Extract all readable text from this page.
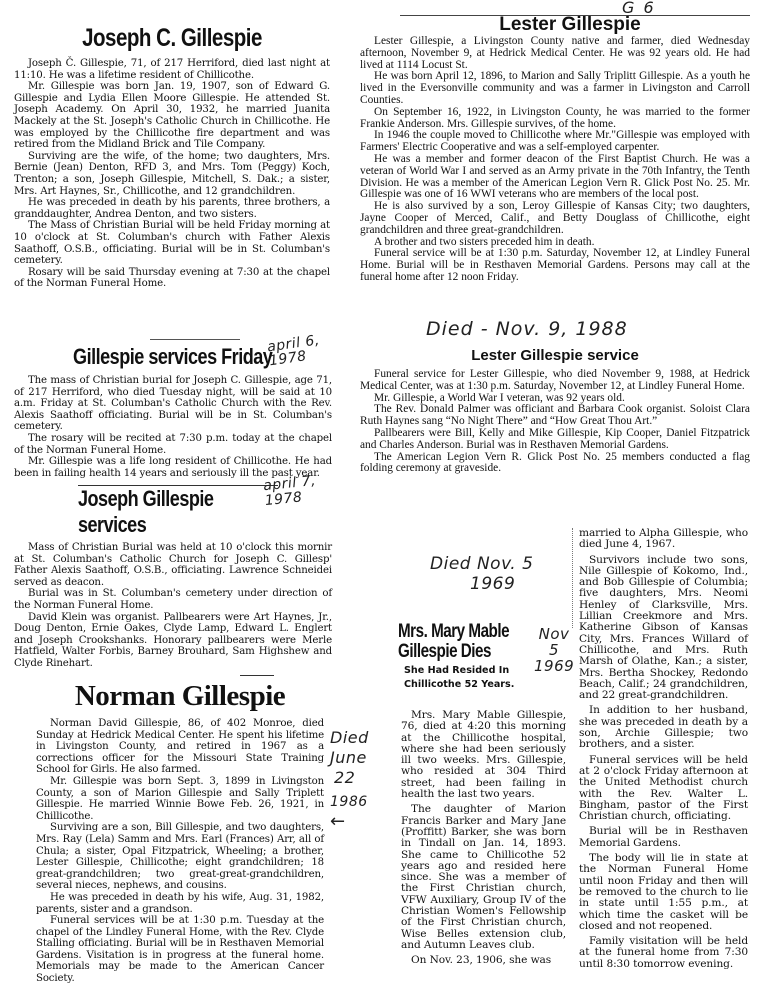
Joseph C. Gillespie

Joseph Č. Gillespie, 71, of 217 Herriford, died last night at 11:10. He was a lifetime resident of Chillicothe.

Mr. Gillespie was born Jan. 19, 1907, son of Edward G. Gillespie and Lydia Ellen Moore Gillespie. He attended St. Joseph Academy. On April 30, 1932, he married Juanita Mackely at the St. Joseph's Catholic Church in Chillicothe. He was employed by the Chillicothe fire department and was retired from the Midland Brick and Tile Company.

Surviving are the wife, of the home; two daughters, Mrs. Bernie (Jean) Denton, RFD 3, and Mrs. Tom (Peggy) Koch, Trenton; a son, Joseph Gillespie, Mitchell, S. Dak.; a sister, Mrs. Art Haynes, Sr., Chillicothe, and 12 grandchildren.

He was preceded in death by his parents, three brothers, a granddaughter, Andrea Denton, and two sisters.

The Mass of Christian Burial will be held Friday morning at 10 o'clock at St. Columban's church with Father Alexis Saathoff, O.S.B., officiating. Burial will be in St. Columban's cemetery.

Rosary will be said Thursday evening at 7:30 at the chapel of the Norman Funeral Home.

Gillespie services Friday

The mass of Christian burial for Joseph C. Gillespie, age 71, of 217 Herriford, who died Tuesday night, will be said at 10 a.m. Friday at St. Columban's Catholic Church with the Rev. Alexis Saathoff officiating. Burial will be in St. Columban's cemetery.

The rosary will be recited at 7:30 p.m. today at the chapel of the Norman Funeral Home.

Mr. Gillespie was a life long resident of Chillicothe. He had been in failing health 14 years and seriously ill the past year.

april 6, 1978
Joseph Gillespie services

Mass of Christian Burial was held at 10 o'clock this mornir at St. Columban's Catholic Church for Joseph C. Gillesp' Father Alexis Saathoff, O.S.B., officiating. Lawrence Schneidei served as deacon.

Burial was in St. Columban's cemetery under direction of the Norman Funeral Home.

David Klein was organist. Pallbearers were Art Haynes, Jr., Doug Denton, Ernie Oakes, Clyde Lamp, Edward L. Englert and Joseph Crookshanks. Honorary pallbearers were Merle Hatfield, Walter Forbis, Barney Brouhard, Sam Highshew and Clyde Rinehart.

april 7, 1978
Norman Gillespie

Norman David Gillespie, 86, of 402 Monroe, died Sunday at Hedrick Medical Center. He spent his lifetime in Livingston County, and retired in 1967 as a corrections officer for the Missouri State Training School for Girls. He also farmed.

Mr. Gillespie was born Sept. 3, 1899 in Livingston County, a son of Marion Gillespie and Sally Triplett Gillespie. He married Winnie Bowe Feb. 26, 1921, in Chillicothe.

Surviving are a son, Bill Gillespie, and two daughters, Mrs. Ray (Lela) Samm and Mrs. Earl (Frances) Arr, all of Chula; a sister, Opal Fitzpatrick, Wheeling; a brother, Lester Gillespie, Chillicothe; eight grandchildren; 18 great-grandchildren; two great-great-grandchildren, several nieces, nephews, and cousins.

He was preceded in death by his wife, Aug. 31, 1982, parents, sister and a grandson.

Funeral services will be at 1:30 p.m. Tuesday at the chapel of the Lindley Funeral Home, with the Rev. Clyde Stalling officiating. Burial will be in Resthaven Memorial Gardens. Visitation is in progress at the funeral home. Memorials may be made to the American Cancer Society.

Died
June
22
1986
←
G 6
Lester Gillespie

Lester Gillespie, a Livingston County native and farmer, died Wednesday afternoon, November 9, at Hedrick Medical Center. He was 92 years old. He had lived at 1114 Locust St.

He was born April 12, 1896, to Marion and Sally Triplitt Gillespie. As a youth he lived in the Eversonville community and was a farmer in Livingston and Carroll Counties.

On September 16, 1922, in Livingston County, he was married to the former Frankie Anderson. Mrs. Gillespie survives, of the home.

In 1946 the couple moved to Chillicothe where Mr."Gillespie was employed with Farmers' Electric Cooperative and was a self-employed carpenter.

He was a member and former deacon of the First Baptist Church. He was a veteran of World War I and served as an Army private in the 70th Infantry, the Tenth Division. He was a member of the American Legion Vern R. Glick Post No. 25. Mr. Gillespie was one of 16 WWI veterans who are members of the local post.

He is also survived by a son, Leroy Gillespie of Kansas City; two daughters, Jayne Cooper of Merced, Calif., and Betty Douglass of Chillicothe, eight grandchildren and three great-grandchildren.

A brother and two sisters preceded him in death.

Funeral service will be at 1:30 p.m. Saturday, November 12, at Lindley Funeral Home. Burial will be in Resthaven Memorial Gardens. Persons may call at the funeral home after 12 noon Friday.

Died - Nov. 9, 1988
Lester Gillespie service

Funeral service for Lester Gillespie, who died November 9, 1988, at Hedrick Medical Center, was at 1:30 p.m. Saturday, November 12, at Lindley Funeral Home.

Mr. Gillespie, a World War I veteran, was 92 years old.

The Rev. Donald Palmer was officiant and Barbara Cook organist. Soloist Clara Ruth Haynes sang “No Night There” and “How Great Thou Art.”

Pallbearers were Bill, Kelly and Mike Gillespie, Kip Cooper, Daniel Fitzpatrick and Charles Anderson. Burial was in Resthaven Memorial Gardens.

The American Legion Vern R. Glick Post No. 25 members conducted a flag folding ceremony at graveside.

Died Nov. 5
1969
Mrs. Mary Mable
Gillespie Dies
She Had Resided In
Chillicothe 52 Years.
Nov
5
1969

Mrs. Mary Mable Gillespie, 76, died at 4:20 this morning at the Chillicothe hospital, where she had been seriously ill two weeks. Mrs. Gillespie, who resided at 304 Third street, had been failing in health the last two years.

The daughter of Marion Francis Barker and Mary Jane (Proffitt) Barker, she was born in Tindall on Jan. 14, 1893. She came to Chillicothe 52 years ago and resided here since. She was a member of the First Christian church, VFW Auxiliary, Group IV of the Christian Women's Fellowship of the First Christian church, Wise Belles extension club, and Autumn Leaves club.

On Nov. 23, 1906, she was

married to Alpha Gillespie, who died June 4, 1967.

Survivors include two sons, Nile Gillespie of Kokomo, Ind., and Bob Gillespie of Columbia; five daughters, Mrs. Neomi Henley of Clarksville, Mrs. Lillian Creekmore and Mrs. Katherine Gibson of Kansas City, Mrs. Frances Willard of Chillicothe, and Mrs. Ruth Marsh of Olathe, Kan.; a sister, Mrs. Bertha Shockey, Redondo Beach, Calif.; 24 grandchildren, and 22 great-grandchildren.

In addition to her husband, she was preceded in death by a son, Archie Gillespie; two brothers, and a sister.

Funeral services will be held at 2 o'clock Friday afternoon at the United Methodist church with the Rev. Walter L. Bingham, pastor of the First Christian church, officiating.

Burial will be in Resthaven Memorial Gardens.

The body will lie in state at the Norman Funeral Home until noon Friday and then will be removed to the church to lie in state until 1:55 p.m., at which time the casket will be closed and not reopened.

Family visitation will be held at the funeral home from 7:30 until 8:30 tomorrow evening.
